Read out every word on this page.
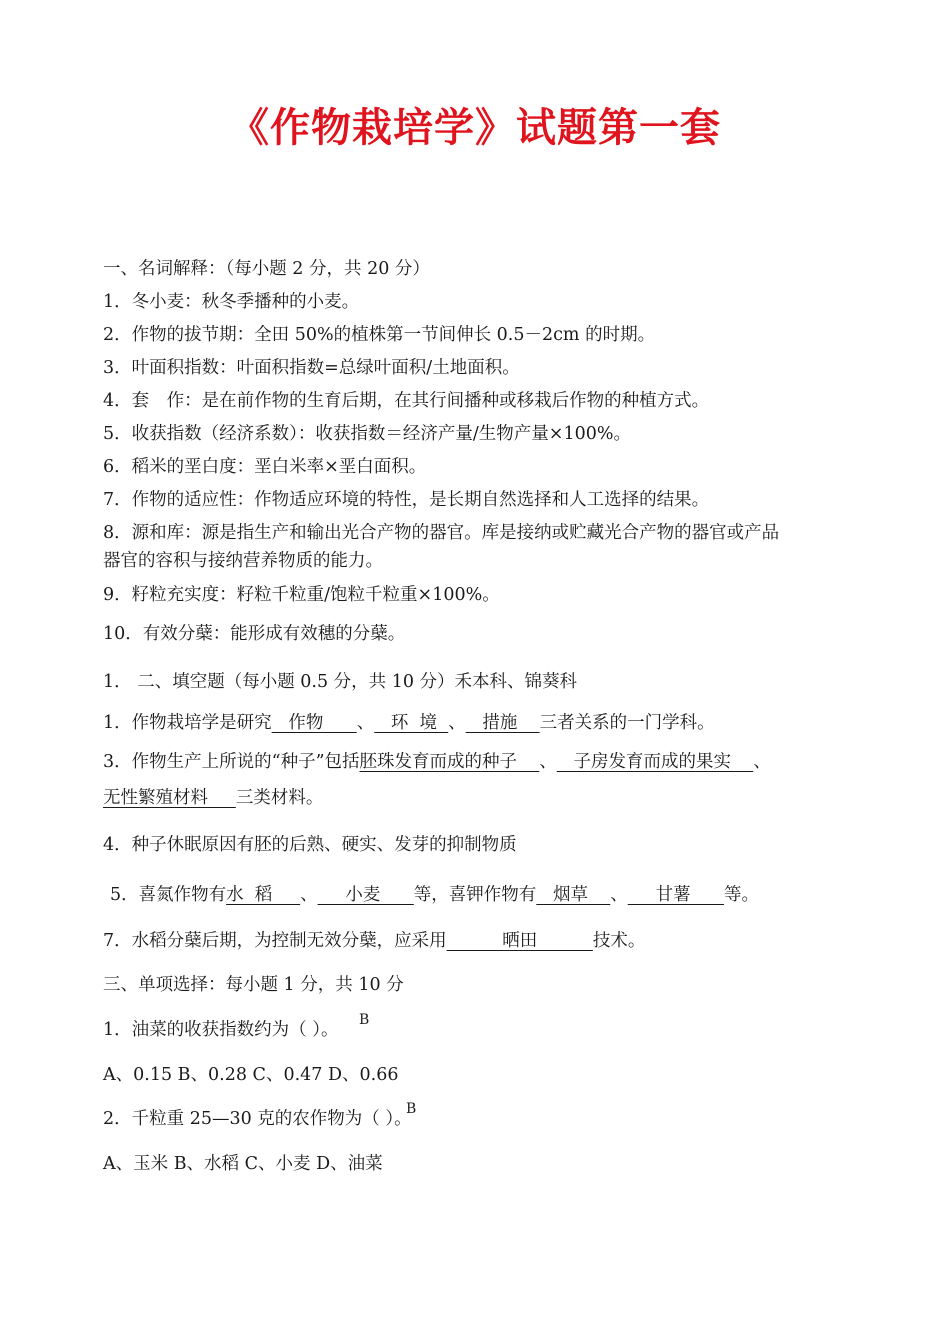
《作物栽培学》试题第一套
一、名词解释：（每小题 2 分，共 20 分）
1．冬小麦：秋冬季播种的小麦。
2．作物的拔节期：全田 50%的植株第一节间伸长 0.5－2cm 的时期。
3．叶面积指数：叶面积指数=总绿叶面积/土地面积。
4．套　作：是在前作物的生育后期，在其行间播种或移栽后作物的种植方式。
5．收获指数（经济系数）：收获指数＝经济产量/生物产量×100%。
6．稻米的垩白度：垩白米率×垩白面积。
7．作物的适应性：作物适应环境的特性，是长期自然选择和人工选择的结果。
8．源和库：源是指生产和输出光合产物的器官。库是接纳或贮藏光合产物的器官或产品
器官的容积与接纳营养物质的能力。
9．籽粒充实度：籽粒千粒重/饱粒千粒重×100%。
10．有效分蘖：能形成有效穗的分蘖。
1． 二、填空题（每小题 0.5 分，共 10 分）禾本科、锦葵科
1．作物栽培学是研究   作物      、   环  境  、   措施    三者关系的一门学科。
3．作物生产上所说的“种子”包括胚珠发育而成的种子    、   子房发育而成的果实    、
无性繁殖材料     三类材料。
4．种子休眠原因有胚的后熟、硬实、发芽的抑制物质
5．喜氮作物有水  稻     、     小麦      等，喜钾作物有   烟草    、     甘薯      等。
7．水稻分蘖后期，为控制无效分蘖，应采用          晒田          技术。
三、单项选择：每小题 1 分，共 10 分
1．油菜的收获指数约为（ ）。 B
A、0.15 B、0.28 C、0.47 D、0.66
2．千粒重 25—30 克的农作物为（ ）。
B
A、玉米 B、水稻 C、小麦 D、油菜
